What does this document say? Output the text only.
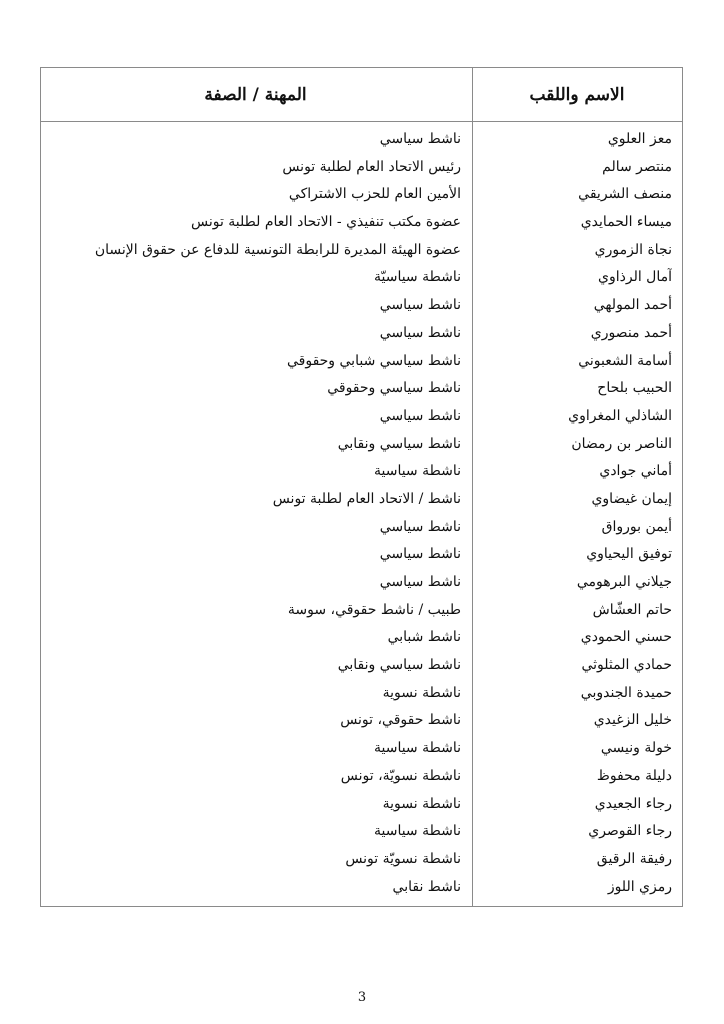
الاسم واللقب
المهنة / الصفة
معز العلوي
ناشط سياسي
منتصر سالم
رئيس الاتحاد العام لطلبة تونس
منصف الشريقي
الأمين العام للحزب الاشتراكي
ميساء الحمايدي
عضوة مكتب تنفيذي - الاتحاد العام لطلبة تونس
نجاة الزموري
عضوة الهيئة المديرة للرابطة التونسية للدفاع عن حقوق الإنسان
آمال الرذاوي
ناشطة سياسيّة
أحمد المولهي
ناشط سياسي
أحمد منصوري
ناشط سياسي
أسامة الشعبوني
ناشط سياسي شبابي وحقوقي
الحبيب بلحاح
ناشط سياسي وحقوقي
الشاذلي المغراوي
ناشط سياسي
الناصر بن رمضان
ناشط سياسي ونقابي
أماني جوادي
ناشطة سياسية
إيمان غيضاوي
ناشط / الاتحاد العام لطلبة تونس
أيمن بورواق
ناشط سياسي
توفيق اليحياوي
ناشط سياسي
جيلاني البرهومي
ناشط سياسي
حاتم العشّاش
طبيب / ناشط حقوقي، سوسة
حسني الحمودي
ناشط شبابي
حمادي المثلوثي
ناشط سياسي ونقابي
حميدة الجندوبي
ناشطة نسوية
خليل الزغيدي
ناشط حقوقي، تونس
خولة ونيسي
ناشطة سياسية
دليلة محفوظ
ناشطة نسويّة، تونس
رجاء الجعيدي
ناشطة نسوية
رجاء القوصري
ناشطة سياسية
رفيقة الرقيق
ناشطة نسويّة تونس
رمزي اللوز
ناشط نقابي
3
